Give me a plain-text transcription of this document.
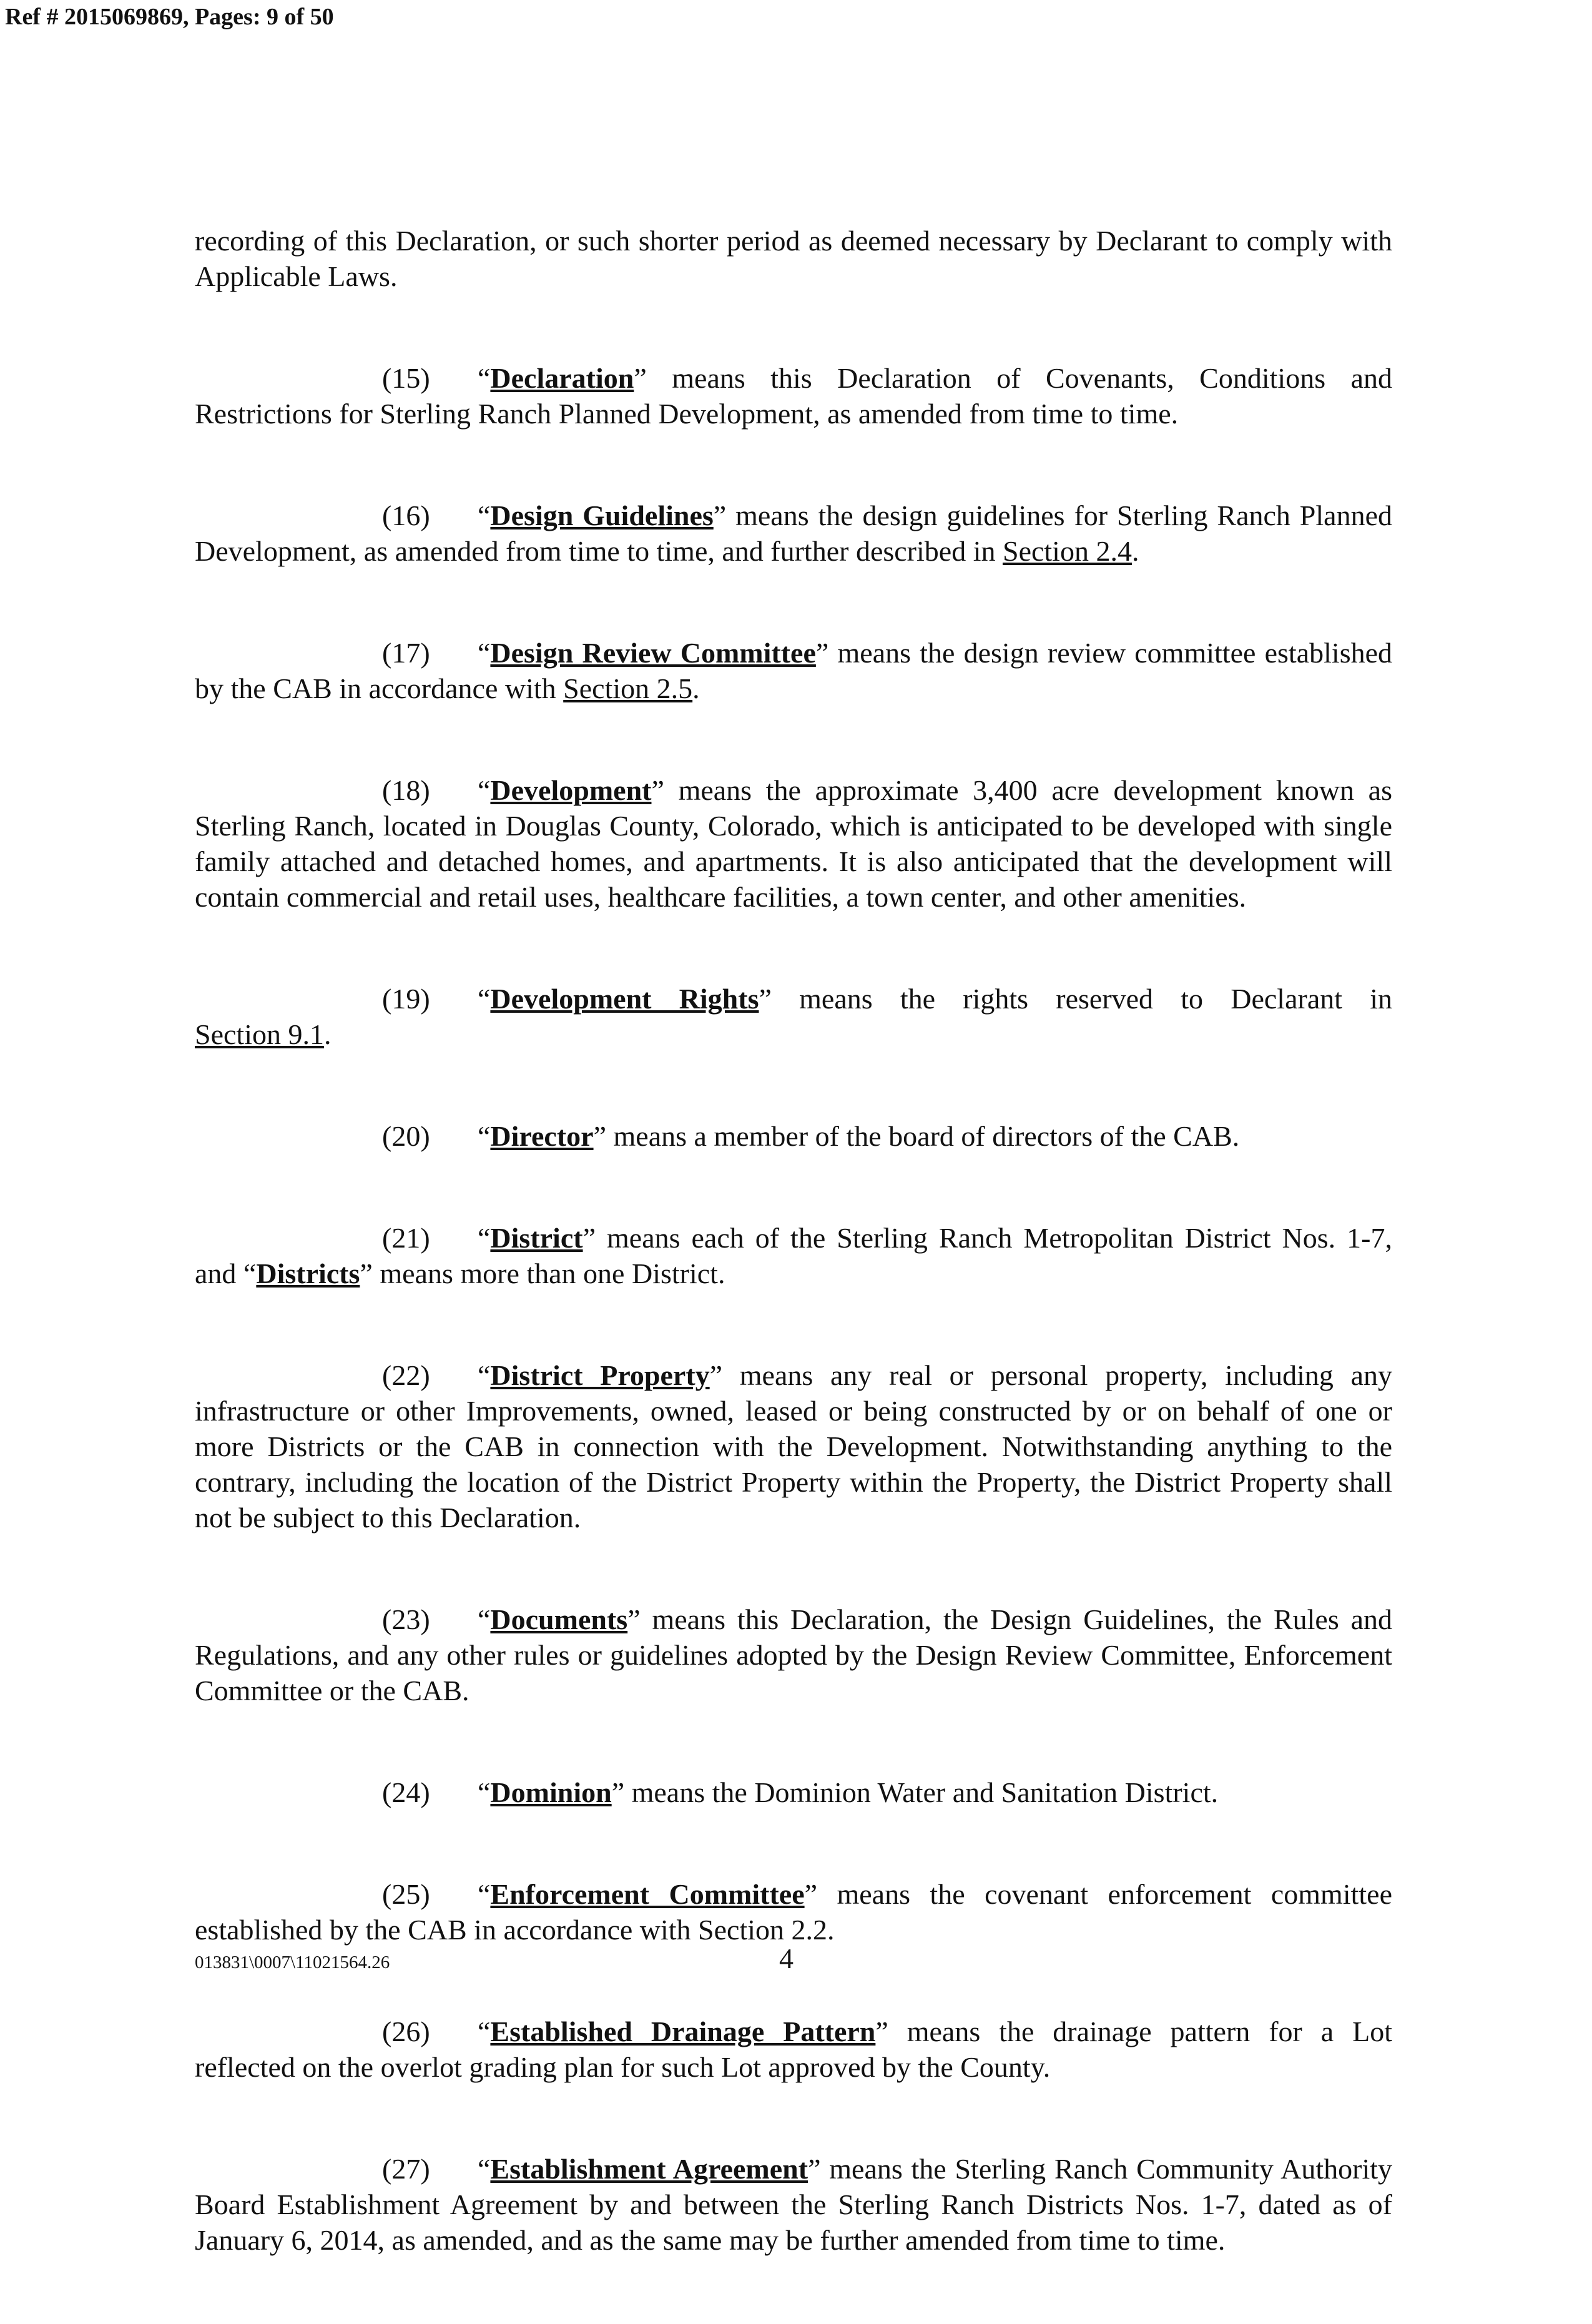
Ref # 2015069869, Pages: 9 of 50

recording of this Declaration, or such shorter period as deemed necessary by Declarant to comply with Applicable Laws.

(15) “Declaration” means this Declaration of Covenants, Conditions and Restrictions for Sterling Ranch Planned Development, as amended from time to time.

(16) “Design Guidelines” means the design guidelines for Sterling Ranch Planned Development, as amended from time to time, and further described in Section 2.4.

(17) “Design Review Committee” means the design review committee established by the CAB in accordance with Section 2.5.

(18) “Development” means the approximate 3,400 acre development known as Sterling Ranch, located in Douglas County, Colorado, which is anticipated to be developed with single family attached and detached homes, and apartments. It is also anticipated that the development will contain commercial and retail uses, healthcare facilities, a town center, and other amenities.

(19) “Development Rights” means the rights reserved to Declarant in
Section 9.1.

(20) “Director” means a member of the board of directors of the CAB.

(21) “District” means each of the Sterling Ranch Metropolitan District Nos. 1-7, and “Districts” means more than one District.

(22) “District Property” means any real or personal property, including any infrastructure or other Improvements, owned, leased or being constructed by or on behalf of one or more Districts or the CAB in connection with the Development. Notwithstanding anything to the contrary, including the location of the District Property within the Property, the District Property shall not be subject to this Declaration.

(23) “Documents” means this Declaration, the Design Guidelines, the Rules and Regulations, and any other rules or guidelines adopted by the Design Review Committee, Enforcement Committee or the CAB.

(24) “Dominion” means the Dominion Water and Sanitation District.

(25) “Enforcement Committee” means the covenant enforcement committee established by the CAB in accordance with Section 2.2.

(26) “Established Drainage Pattern” means the drainage pattern for a Lot reflected on the overlot grading plan for such Lot approved by the County.

(27) “Establishment Agreement” means the Sterling Ranch Community Authority Board Establishment Agreement by and between the Sterling Ranch Districts Nos. 1-7, dated as of January 6, 2014, as amended, and as the same may be further amended from time to time.

013831\0007\11021564.26	4
